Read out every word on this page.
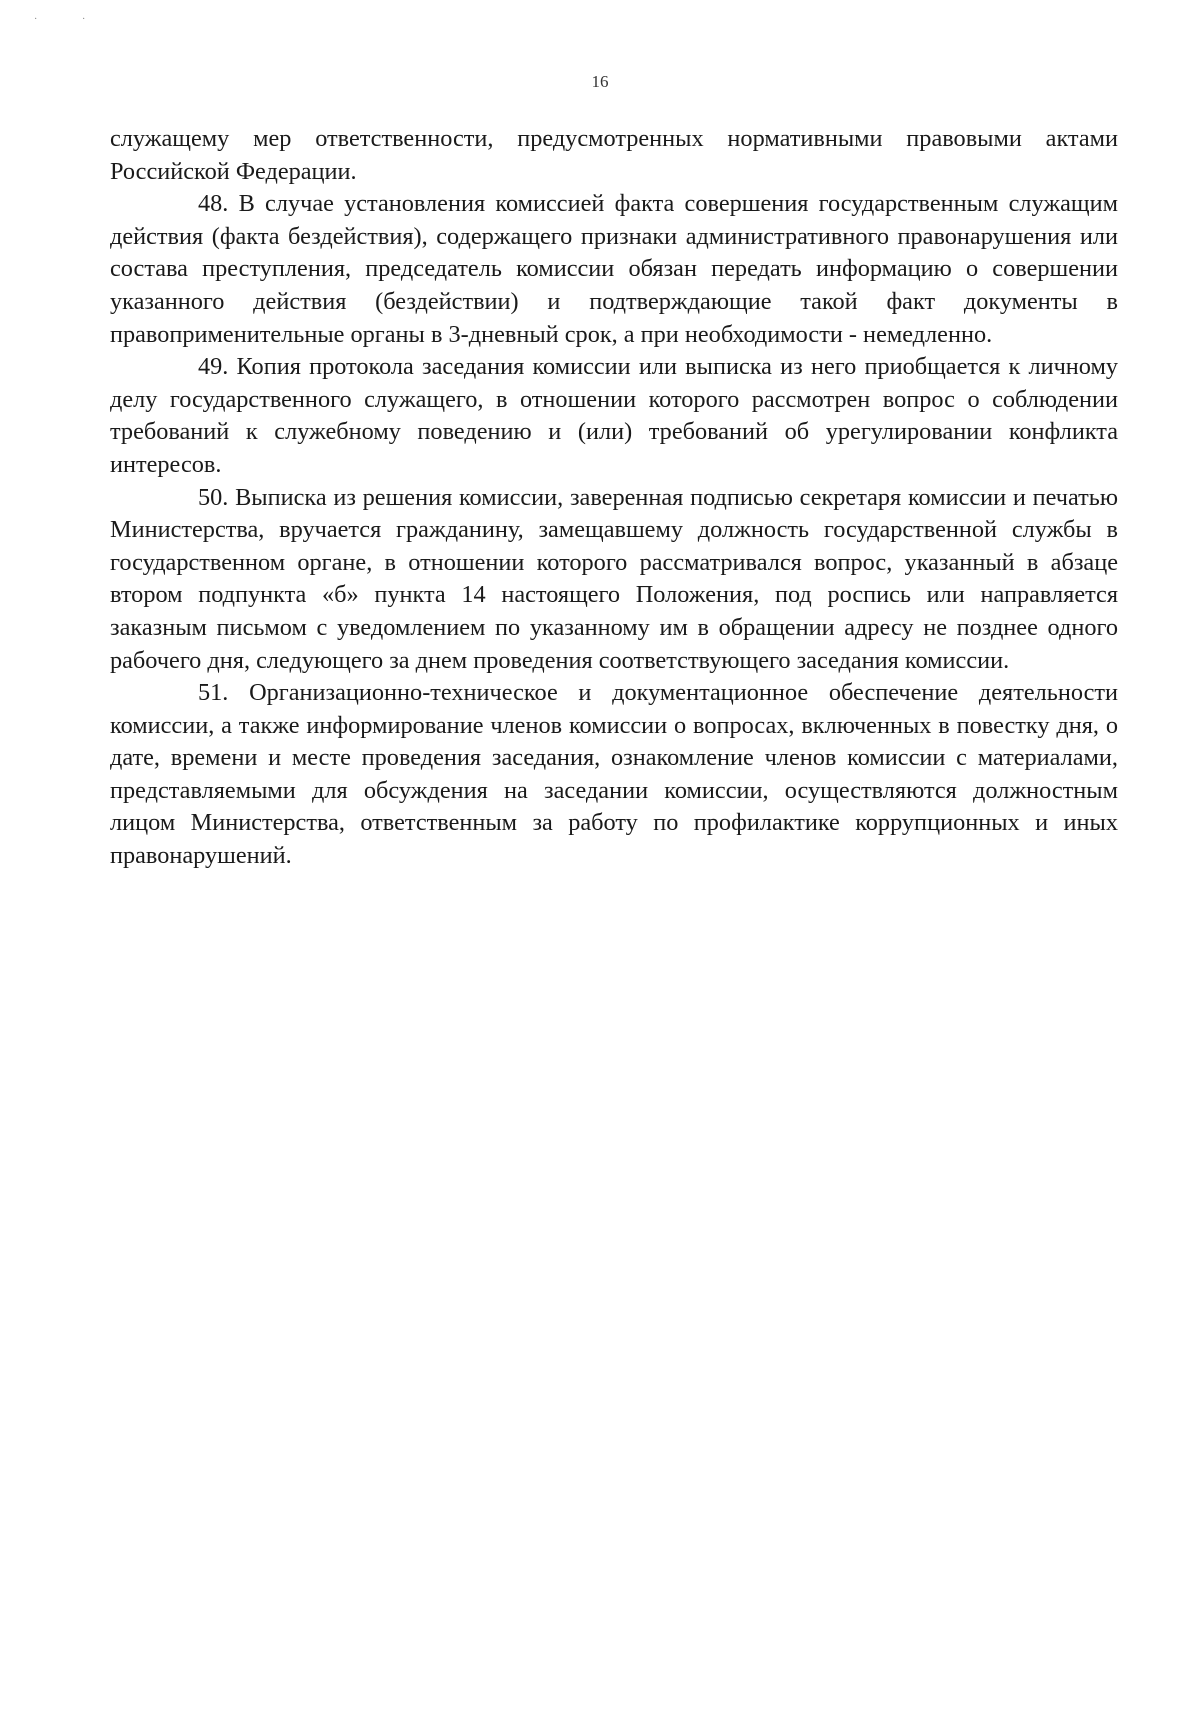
·	·
16

служащему мер ответственности, предусмотренных нормативными правовыми актами Российской Федерации.

48. В случае установления комиссией факта совершения государственным служащим действия (факта бездействия), содержащего признаки административного правонарушения или состава преступления, председатель комиссии обязан передать информацию о совершении указанного действия (бездействии) и подтверждающие такой факт документы в правоприменительные органы в 3-дневный срок, а при необходимости - немедленно.

49. Копия протокола заседания комиссии или выписка из него приобщается к личному делу государственного служащего, в отношении которого рассмотрен вопрос о соблюдении требований к служебному поведению и (или) требований об урегулировании конфликта интересов.

50. Выписка из решения комиссии, заверенная подписью секретаря комиссии и печатью Министерства, вручается гражданину, замещавшему должность государственной службы в государственном органе, в отношении которого рассматривался вопрос, указанный в абзаце втором подпункта «б» пункта 14 настоящего Положения, под роспись или направляется заказным письмом с уведомлением по указанному им в обращении адресу не позднее одного рабочего дня, следующего за днем проведения соответствующего заседания комиссии.

51. Организационно-техническое и документационное обеспечение деятельности комиссии, а также информирование членов комиссии о вопросах, включенных в повестку дня, о дате, времени и месте проведения заседания, ознакомление членов комиссии с материалами, представляемыми для обсуждения на заседании комиссии, осуществляются должностным лицом Министерства, ответственным за работу по профилактике коррупционных и иных правонарушений.
